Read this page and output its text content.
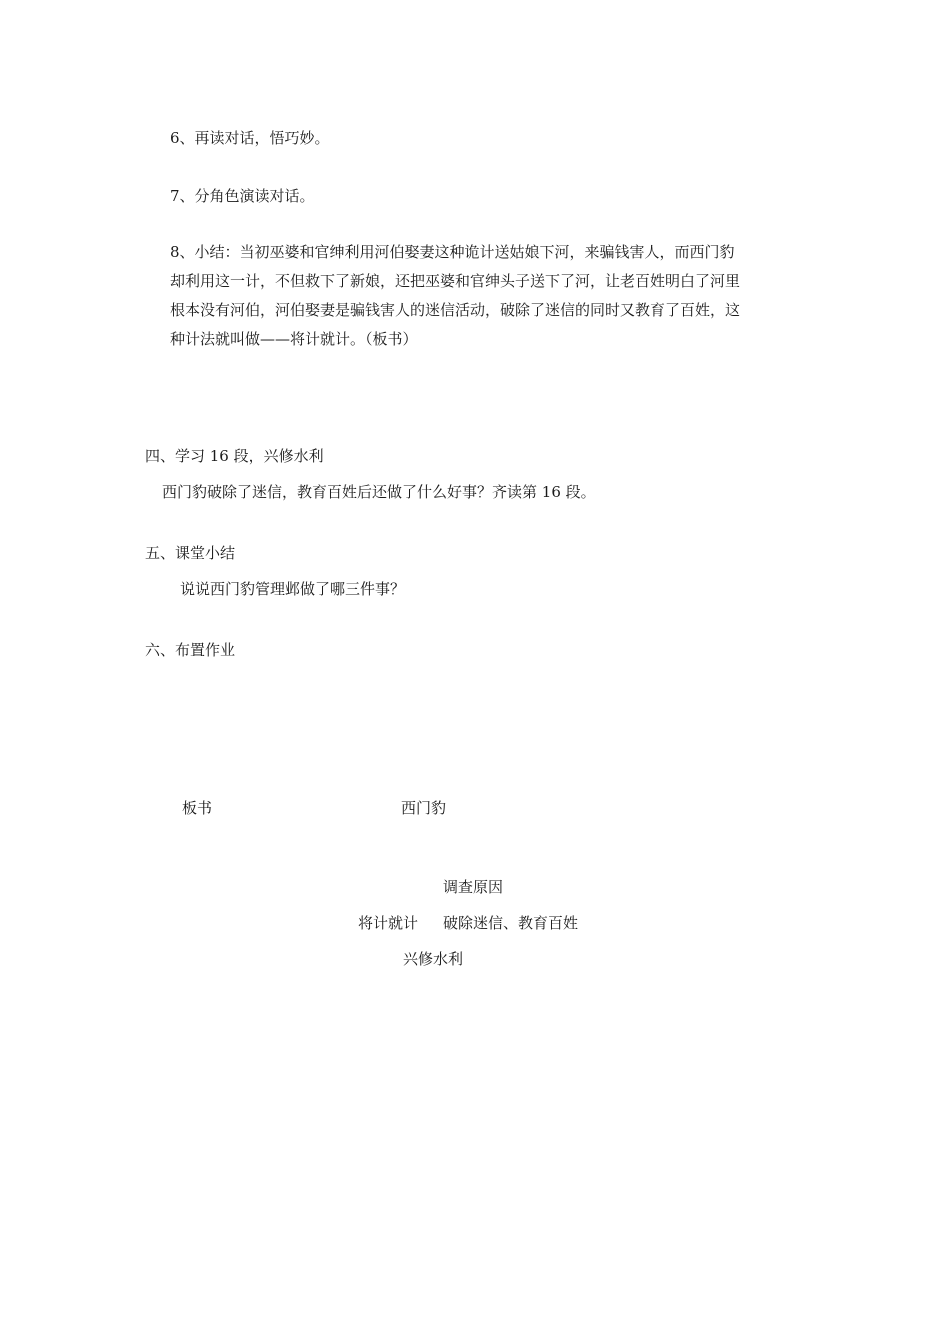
6、再读对话，悟巧妙。
7、分角色演读对话。
8、小结：当初巫婆和官绅利用河伯娶妻这种诡计送姑娘下河，来骗钱害人，而西门豹
却利用这一计，不但救下了新娘，还把巫婆和官绅头子送下了河，让老百姓明白了河里
根本没有河伯，河伯娶妻是骗钱害人的迷信活动，破除了迷信的同时又教育了百姓，这
种计法就叫做——将计就计。（板书）
四、学习 16 段，兴修水利
西门豹破除了迷信，教育百姓后还做了什么好事？齐读第 16 段。
五、课堂小结
说说西门豹管理邺做了哪三件事？
六、布置作业
板书	西门豹
调查原因
将计就计 破除迷信、教育百姓
兴修水利
